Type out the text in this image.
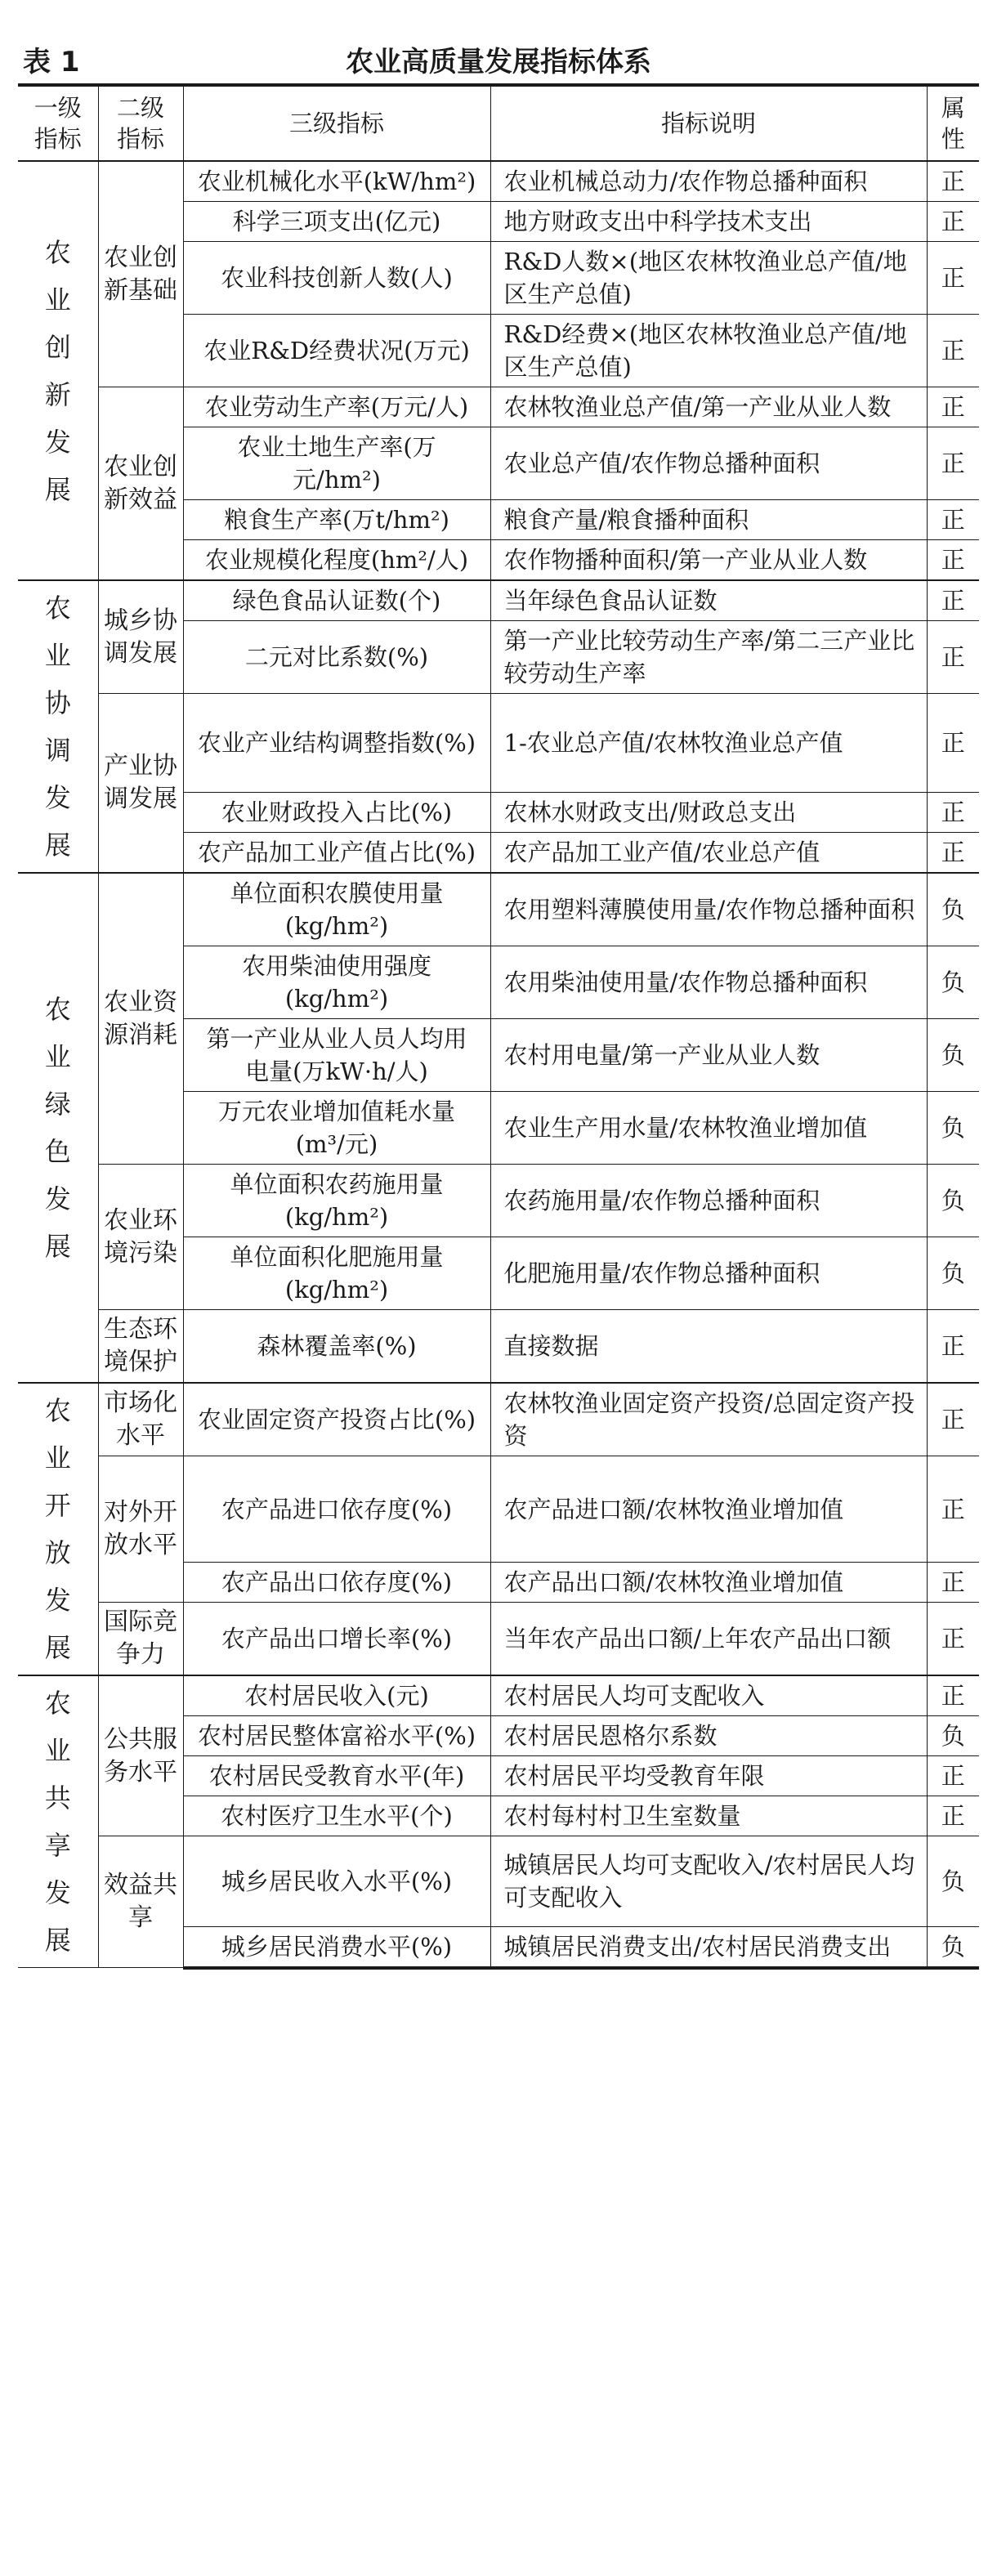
表 1	农业高质量发展指标体系
一级指标	二级指标	三级指标	指标说明	属性
农业创新发展	农业创新基础	农业机械化水平(kW/hm²)	农业机械总动力/农作物总播种面积	正
		科学三项支出(亿元)	地方财政支出中科学技术支出	正
		农业科技创新人数(人)	R&D人数×(地区农林牧渔业总产值/地区生产总值)	正
		农业R&D经费状况(万元)	R&D经费×(地区农林牧渔业总产值/地区生产总值)	正
	农业创新效益	农业劳动生产率(万元/人)	农林牧渔业总产值/第一产业从业人数	正
		农业土地生产率(万元/hm²)	农业总产值/农作物总播种面积	正
		粮食生产率(万t/hm²)	粮食产量/粮食播种面积	正
		农业规模化程度(hm²/人)	农作物播种面积/第一产业从业人数	正
农业协调发展	城乡协调发展	绿色食品认证数(个)	当年绿色食品认证数	正
		二元对比系数(%)	第一产业比较劳动生产率/第二三产业比较劳动生产率	正
	产业协调发展	农业产业结构调整指数(%)	1-农业总产值/农林牧渔业总产值	正
		农业财政投入占比(%)	农林水财政支出/财政总支出	正
		农产品加工业产值占比(%)	农产品加工业产值/农业总产值	正
农业绿色发展	农业资源消耗	单位面积农膜使用量(kg/hm²)	农用塑料薄膜使用量/农作物总播种面积	负
		农用柴油使用强度(kg/hm²)	农用柴油使用量/农作物总播种面积	负
		第一产业从业人员人均用电量(万kW·h/人)	农村用电量/第一产业从业人数	负
		万元农业增加值耗水量(m³/元)	农业生产用水量/农林牧渔业增加值	负
	农业环境污染	单位面积农药施用量(kg/hm²)	农药施用量/农作物总播种面积	负
		单位面积化肥施用量(kg/hm²)	化肥施用量/农作物总播种面积	负
	生态环境保护	森林覆盖率(%)	直接数据	正
农业开放发展	市场化水平	农业固定资产投资占比(%)	农林牧渔业固定资产投资/总固定资产投资	正
	对外开放水平	农产品进口依存度(%)	农产品进口额/农林牧渔业增加值	正
		农产品出口依存度(%)	农产品出口额/农林牧渔业增加值	正
	国际竞争力	农产品出口增长率(%)	当年农产品出口额/上年农产品出口额	正
农业共享发展	公共服务水平	农村居民收入(元)	农村居民人均可支配收入	正
		农村居民整体富裕水平(%)	农村居民恩格尔系数	负
		农村居民受教育水平(年)	农村居民平均受教育年限	正
		农村医疗卫生水平(个)	农村每村村卫生室数量	正
	效益共享	城乡居民收入水平(%)	城镇居民人均可支配收入/农村居民人均可支配收入	负
		城乡居民消费水平(%)	城镇居民消费支出/农村居民消费支出	负
